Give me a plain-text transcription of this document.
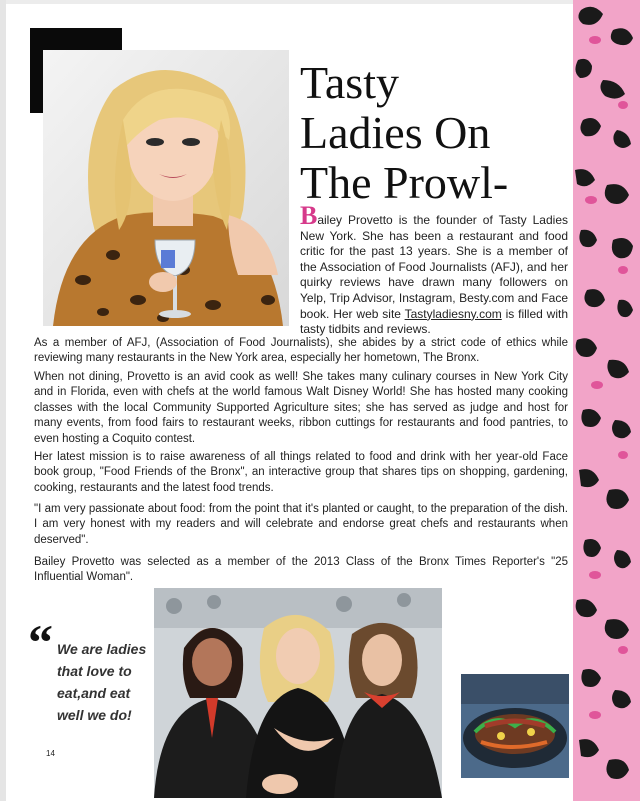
Tasty
Ladies On
The Prowl-

Bailey Provetto is the founder of Tasty Ladies New York. She has been a restaurant and food critic for the past 13 years. She is a member of the Association of Food Journalists (AFJ), and her quirky reviews have drawn many followers on Yelp, Trip Advisor, Instagram, Besty.com and Face book. Her web site Tastyladiesny.com is filled with tasty tidbits and reviews.

As a member of AFJ, (Association of Food Journalists), she abides by a strict code of ethics while reviewing many restaurants in the New York area, especially her hometown, The Bronx.

When not dining, Provetto is an avid cook as well! She takes many culinary courses in New York City and in Florida, even with chefs at the world famous Walt Disney World! She has hosted many cooking classes with the local Community Supported Agriculture sites; she has served as judge and host for many events, from food fairs to restaurant weeks, ribbon cuttings for restaurants and food pantries, to even hosting a Coquito contest.

Her latest mission is to raise awareness of all things related to food and drink with her year-old Face book group, "Food Friends of the Bronx", an interactive group that shares tips on shopping, gardening, cooking, restaurants and the latest food trends.

"I am very passionate about food: from the point that it's planted or caught, to the preparation of the dish. I am very honest with my readers and will celebrate and endorse great chefs and restaurants when deserved".

Bailey Provetto was selected as a member of the 2013 Class of the Bronx Times Reporter's "25 Influential Woman".

“ We are ladies that love to eat,and eat well we do!

14
